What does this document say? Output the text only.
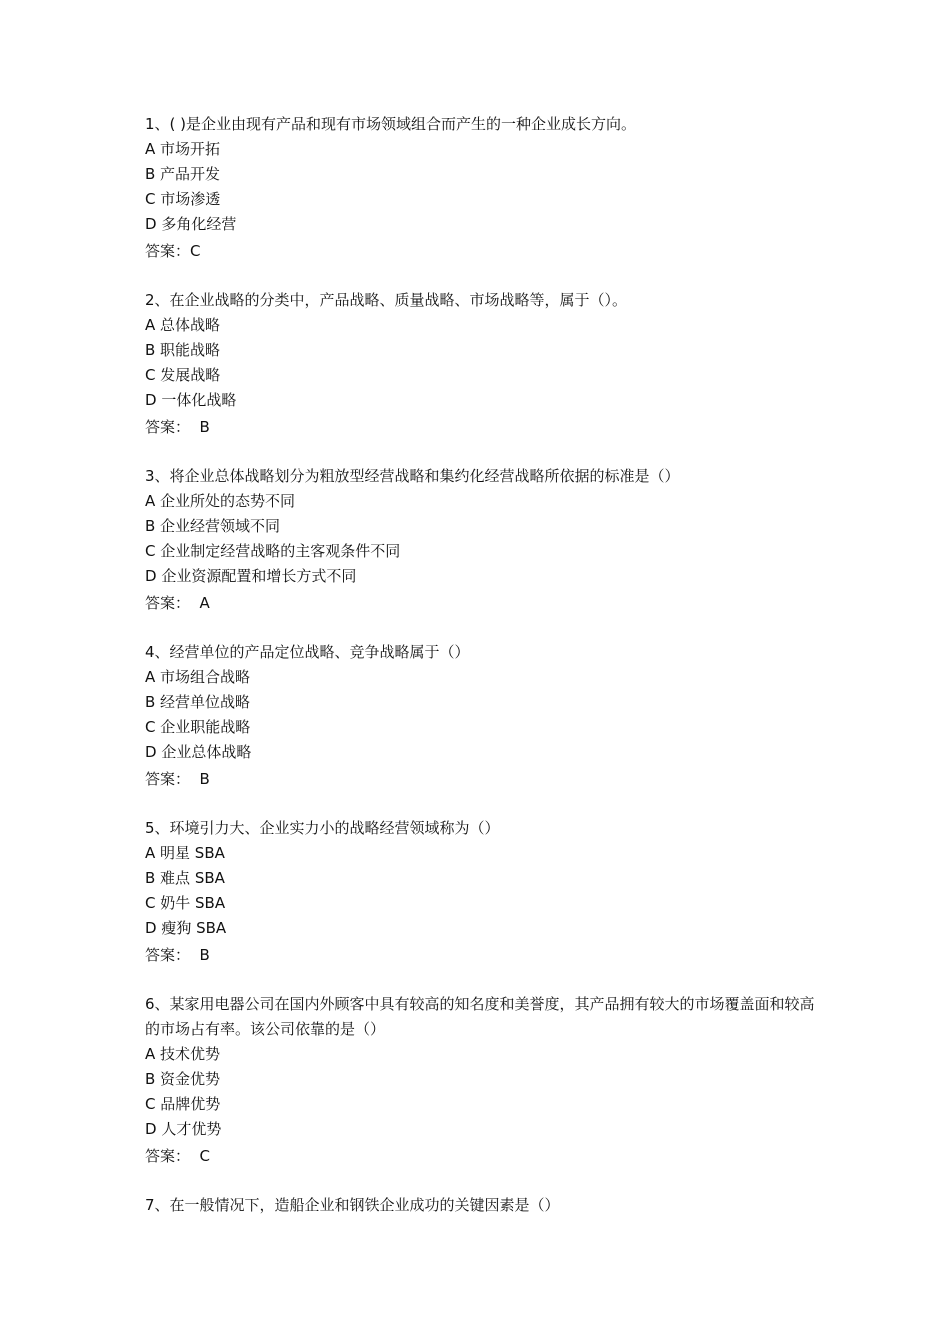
1、( )是企业由现有产品和现有市场领域组合而产生的一种企业成长方向。
A 市场开拓
B 产品开发
C 市场渗透
D 多角化经营
答案：C
2、在企业战略的分类中，产品战略、质量战略、市场战略等，属于（）。
A 总体战略
B 职能战略
C 发展战略
D 一体化战略
答案：  B
3、将企业总体战略划分为粗放型经营战略和集约化经营战略所依据的标准是（）
A 企业所处的态势不同
B 企业经营领域不同
C 企业制定经营战略的主客观条件不同
D 企业资源配置和增长方式不同
答案：  A
4、经营单位的产品定位战略、竞争战略属于（）
A 市场组合战略
B 经营单位战略
C 企业职能战略
D 企业总体战略
答案：  B
5、环境引力大、企业实力小的战略经营领域称为（）
A 明星 SBA
B 难点 SBA
C 奶牛 SBA
D 瘦狗 SBA
答案：  B
6、某家用电器公司在国内外顾客中具有较高的知名度和美誉度，其产品拥有较大的市场覆盖面和较高的市场占有率。该公司依靠的是（）
A 技术优势
B 资金优势
C 品牌优势
D 人才优势
答案：  C
7、在一般情况下，造船企业和钢铁企业成功的关键因素是（）
